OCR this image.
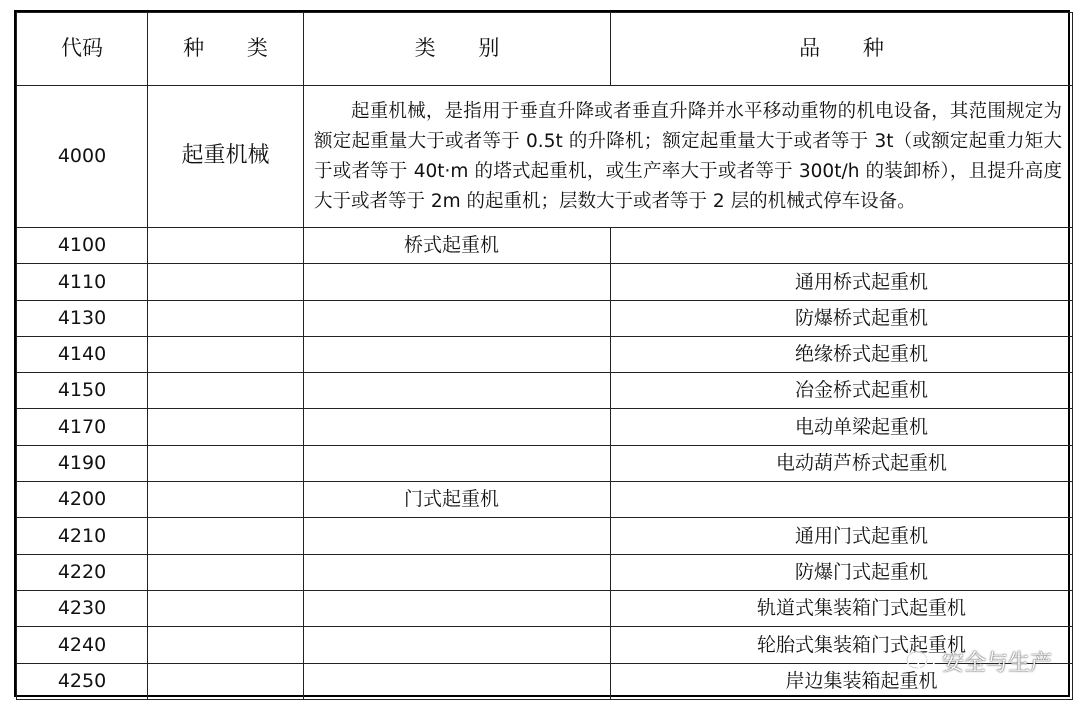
代码	种 类	类 别	品 种
4000	起重机械	起重机械，是指用于垂直升降或者垂直升降并水平移动重物的机电设备，其范围规定为额定起重量大于或者等于 0.5t 的升降机；额定起重量大于或者等于 3t（或额定起重力矩大于或者等于 40t·m 的塔式起重机，或生产率大于或者等于 300t/h 的装卸桥），且提升高度大于或者等于 2m 的起重机；层数大于或者等于 2 层的机械式停车设备。	

4100		桥式起重机	
4110			通用桥式起重机
4130			防爆桥式起重机
4140			绝缘桥式起重机
4150			冶金桥式起重机
4170			电动单梁起重机
4190			电动葫芦桥式起重机
4200		门式起重机	
4210			通用门式起重机
4220			防爆门式起重机
4230			轨道式集装箱门式起重机
4240			轮胎式集装箱门式起重机
4250			岸边集装箱起重机
安全与生产
